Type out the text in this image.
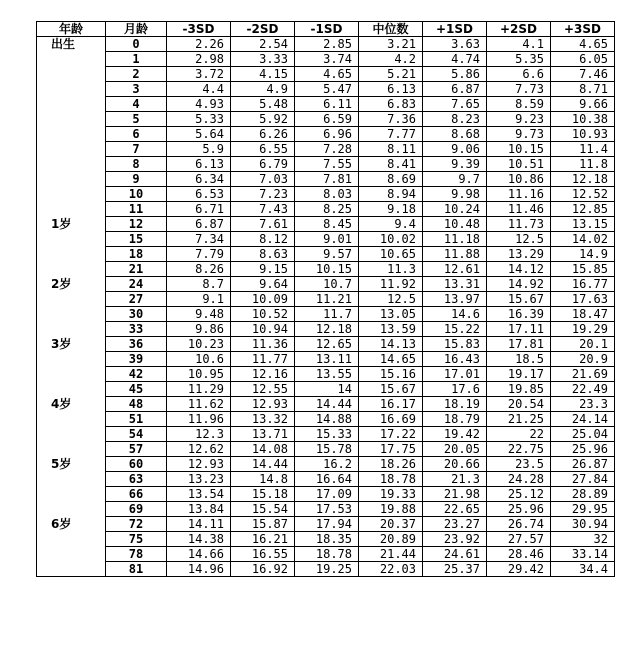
年龄	月龄	-3SD	-2SD	-1SD	中位数	+1SD	+2SD	+3SD
出生	0	2.26	2.54	2.85	3.21	3.63	4.1	4.65
	1	2.98	3.33	3.74	4.2	4.74	5.35	6.05
	2	3.72	4.15	4.65	5.21	5.86	6.6	7.46
	3	4.4	4.9	5.47	6.13	6.87	7.73	8.71
	4	4.93	5.48	6.11	6.83	7.65	8.59	9.66
	5	5.33	5.92	6.59	7.36	8.23	9.23	10.38
	6	5.64	6.26	6.96	7.77	8.68	9.73	10.93
	7	5.9	6.55	7.28	8.11	9.06	10.15	11.4
	8	6.13	6.79	7.55	8.41	9.39	10.51	11.8
	9	6.34	7.03	7.81	8.69	9.7	10.86	12.18
	10	6.53	7.23	8.03	8.94	9.98	11.16	12.52
	11	6.71	7.43	8.25	9.18	10.24	11.46	12.85
1岁	12	6.87	7.61	8.45	9.4	10.48	11.73	13.15
	15	7.34	8.12	9.01	10.02	11.18	12.5	14.02
	18	7.79	8.63	9.57	10.65	11.88	13.29	14.9
	21	8.26	9.15	10.15	11.3	12.61	14.12	15.85
2岁	24	8.7	9.64	10.7	11.92	13.31	14.92	16.77
	27	9.1	10.09	11.21	12.5	13.97	15.67	17.63
	30	9.48	10.52	11.7	13.05	14.6	16.39	18.47
	33	9.86	10.94	12.18	13.59	15.22	17.11	19.29
3岁	36	10.23	11.36	12.65	14.13	15.83	17.81	20.1
	39	10.6	11.77	13.11	14.65	16.43	18.5	20.9
	42	10.95	12.16	13.55	15.16	17.01	19.17	21.69
	45	11.29	12.55	14	15.67	17.6	19.85	22.49
4岁	48	11.62	12.93	14.44	16.17	18.19	20.54	23.3
	51	11.96	13.32	14.88	16.69	18.79	21.25	24.14
	54	12.3	13.71	15.33	17.22	19.42	22	25.04
	57	12.62	14.08	15.78	17.75	20.05	22.75	25.96
5岁	60	12.93	14.44	16.2	18.26	20.66	23.5	26.87
	63	13.23	14.8	16.64	18.78	21.3	24.28	27.84
	66	13.54	15.18	17.09	19.33	21.98	25.12	28.89
	69	13.84	15.54	17.53	19.88	22.65	25.96	29.95
6岁	72	14.11	15.87	17.94	20.37	23.27	26.74	30.94
	75	14.38	16.21	18.35	20.89	23.92	27.57	32
	78	14.66	16.55	18.78	21.44	24.61	28.46	33.14
	81	14.96	16.92	19.25	22.03	25.37	29.42	34.4
